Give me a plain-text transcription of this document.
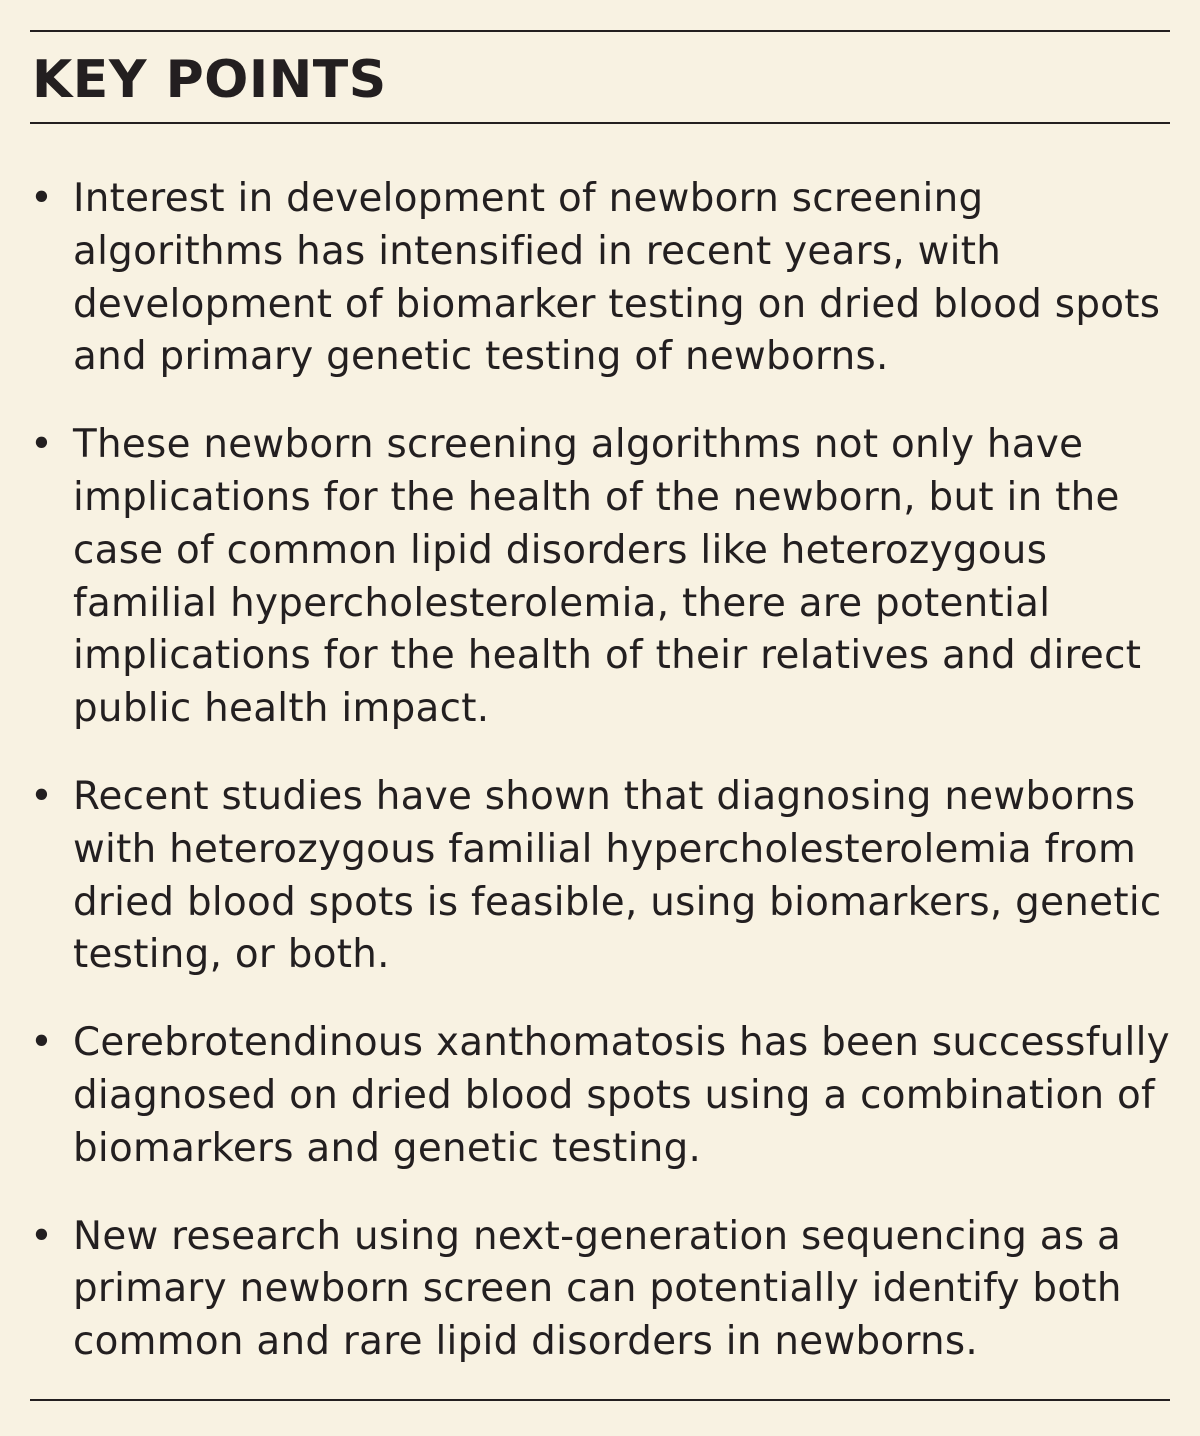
KEY POINTS
• Interest in development of newborn screening
algorithms has intensified in recent years, with
development of biomarker testing on dried blood spots
and primary genetic testing of newborns.
• These newborn screening algorithms not only have
implications for the health of the newborn, but in the
case of common lipid disorders like heterozygous
familial hypercholesterolemia, there are potential
implications for the health of their relatives and direct
public health impact.
• Recent studies have shown that diagnosing newborns
with heterozygous familial hypercholesterolemia from
dried blood spots is feasible, using biomarkers, genetic
testing, or both.
• Cerebrotendinous xanthomatosis has been successfully
diagnosed on dried blood spots using a combination of
biomarkers and genetic testing.
• New research using next-generation sequencing as a
primary newborn screen can potentially identify both
common and rare lipid disorders in newborns.
